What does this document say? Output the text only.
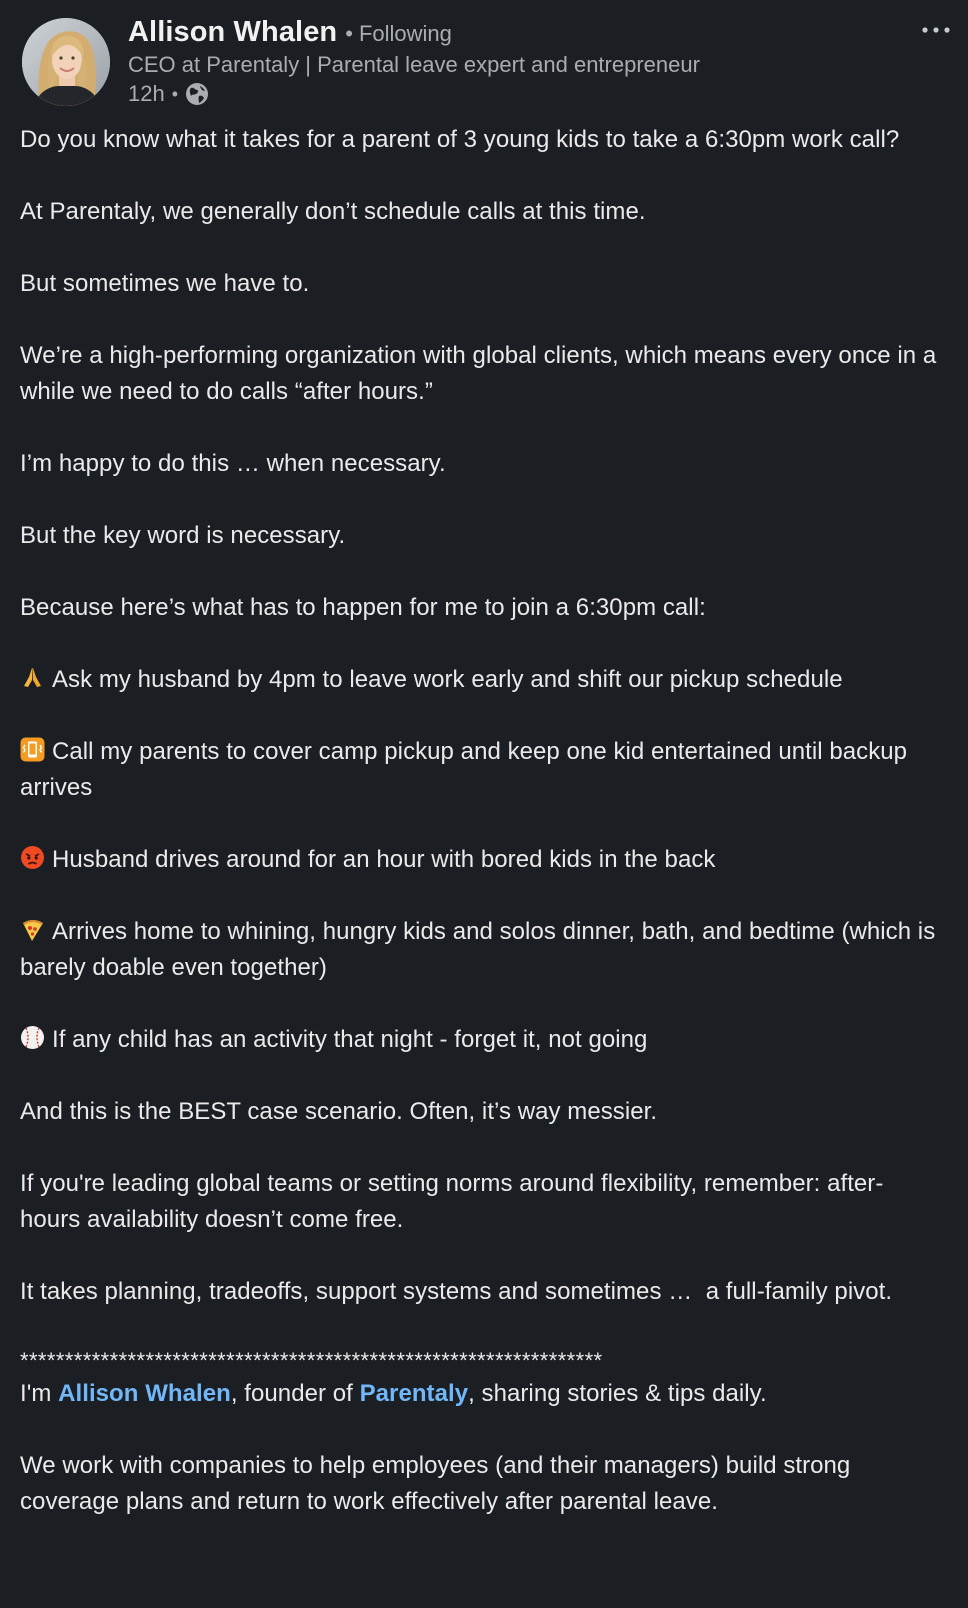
Allison Whalen • Following
CEO at Parentaly | Parental leave expert and entrepreneur
12h •

Do you know what it takes for a parent of 3 young kids to take a 6:30pm work call?

At Parentaly, we generally don’t schedule calls at this time.

But sometimes we have to.

We’re a high-performing organization with global clients, which means every once in a while we need to do calls “after hours.”

I’m happy to do this … when necessary.

But the key word is necessary.

Because here’s what has to happen for me to join a 6:30pm call:

Ask my husband by 4pm to leave work early and shift our pickup schedule

Call my parents to cover camp pickup and keep one kid entertained until backup arrives

Husband drives around for an hour with bored kids in the back

Arrives home to whining, hungry kids and solos dinner, bath, and bedtime (which is barely doable even together)

If any child has an activity that night - forget it, not going

And this is the BEST case scenario. Often, it’s way messier.

If you're leading global teams or setting norms around flexibility, remember: after-hours availability doesn’t come free.

It takes planning, tradeoffs, support systems and sometimes …  a full-family pivot.

*****************************************************************

I'm Allison Whalen, founder of Parentaly, sharing stories & tips daily.

We work with companies to help employees (and their managers) build strong coverage plans and return to work effectively after parental leave.
